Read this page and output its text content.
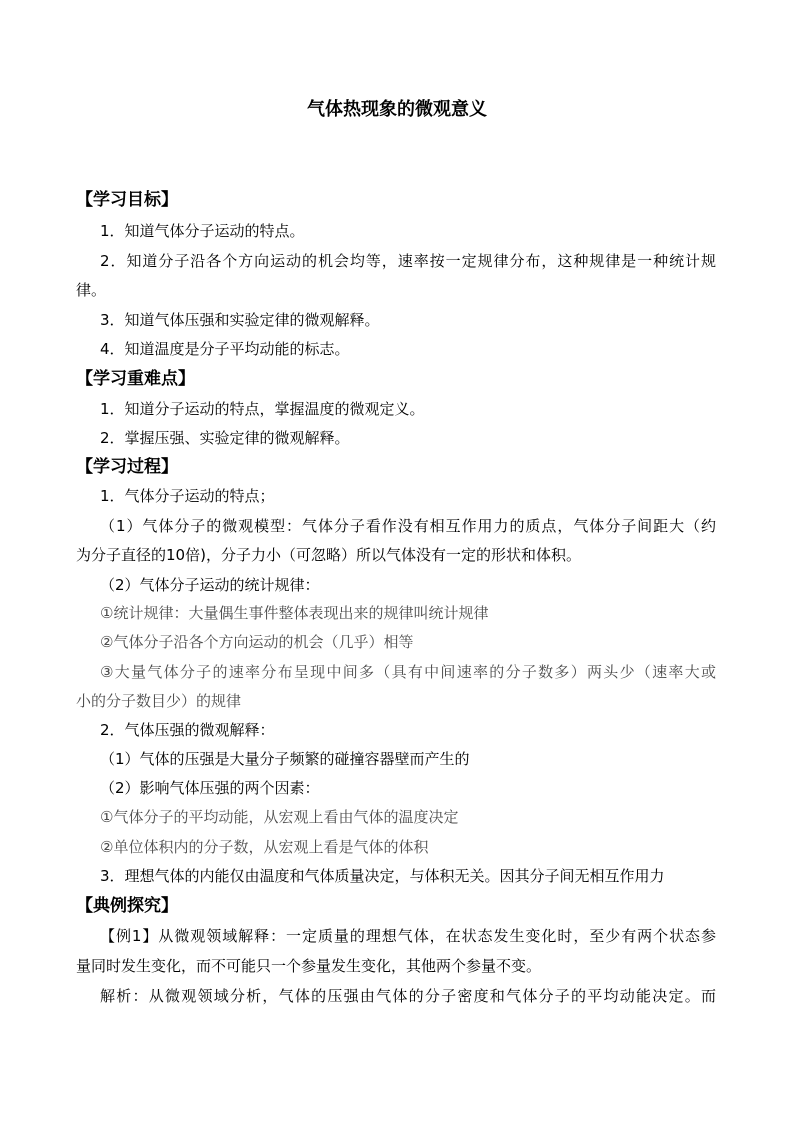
气体热现象的微观意义
【学习目标】
1．知道气体分子运动的特点。
2．知道分子沿各个方向运动的机会均等，速率按一定规律分布，这种规律是一种统计规
律。
3．知道气体压强和实验定律的微观解释。
4．知道温度是分子平均动能的标志。
【学习重难点】
1．知道分子运动的特点，掌握温度的微观定义。
2．掌握压强、实验定律的微观解释。
【学习过程】
1．气体分子运动的特点；
（1）气体分子的微观模型：气体分子看作没有相互作用力的质点，气体分子间距大（约
为分子直径的10倍)，分子力小（可忽略）所以气体没有一定的形状和体积。
（2）气体分子运动的统计规律：
①统计规律：大量偶生事件整体表现出来的规律叫统计规律
②气体分子沿各个方向运动的机会（几乎）相等
③大量气体分子的速率分布呈现中间多（具有中间速率的分子数多）两头少（速率大或
小的分子数目少）的规律
2．气体压强的微观解释：
（1）气体的压强是大量分子频繁的碰撞容器壁而产生的
（2）影响气体压强的两个因素：
①气体分子的平均动能，从宏观上看由气体的温度决定
②单位体积内的分子数，从宏观上看是气体的体积
3．理想气体的内能仅由温度和气体质量决定，与体积无关。因其分子间无相互作用力
【典例探究】
【例1】从微观领域解释：一定质量的理想气体，在状态发生变化时，至少有两个状态参
量同时发生变化，而不可能只一个参量发生变化，其他两个参量不变。
解析：从微观领域分析，气体的压强由气体的分子密度和气体分子的平均动能决定。而
